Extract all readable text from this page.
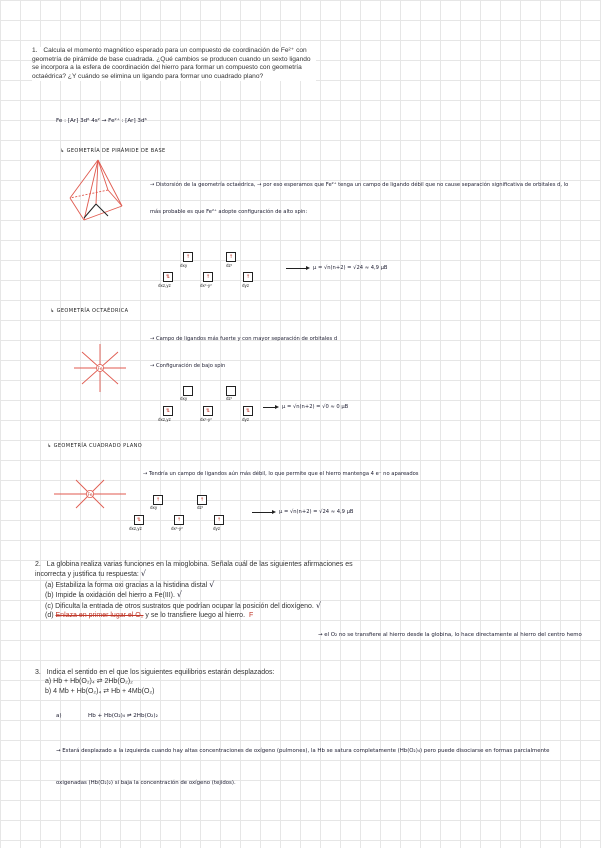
1. Calcula el momento magnético esperado para un compuesto de coordinación de Fe²⁺ con geometría de pirámide de base cuadrada. ¿Qué cambios se producen cuando un sexto ligando se incorpora a la esfera de coordinación del hierro para formar un compuesto con geometría octaédrica? ¿Y cuándo se elimina un ligando para formar uno cuadrado plano?
Fe : [Ar] 3d⁶ 4s² → Fe²⁺ : [Ar] 3d⁶
↳ GEOMETRÍA DE PIRÁMIDE DE BASE
→ Distorsión de la geometría octaédrica, → por eso esperamos que Fe²⁺ tenga un campo de ligando débil que no cause separación significativa de orbitales d, lo más probable es que Fe²⁺ adopte configuración de alto spin:
↑
dxy
↑
dz²
⇅
dxz,yz
↑
dx²-y²
↑
dyz
μ = √n(n+2) = √24 ≈ 4,9 μB
↳ GEOMETRÍA OCTAÉDRICA
Fe
→ Campo de ligandos más fuerte y con mayor separación de orbitales d
→ Configuración de bajo spin
dxy	dz²
⇅
dxz,yz
⇅
dx²-y²
⇅
dyz
μ = √n(n+2) = √0 ≈ 0 μB
↳ GEOMETRÍA CUADRADO PLANO
Fe
→ Tendría un campo de ligandos aún más débil, lo que permite que el hierro mantenga 4 e⁻ no apareados
↑
dxy
↑
dz²
⇅
dxz,yz
↑
dx²-y²
↑
dyz
μ = √n(n+2) = √24 ≈ 4,9 μB
2. La globina realiza varias funciones en la mioglobina. Señala cuál de las siguientes afirmaciones es incorrecta y justifica tu respuesta: √
(a) Estabiliza la forma oxi gracias a la histidina distal √
(b) Impide la oxidación del hierro a Fe(III). √
(c) Dificulta la entrada de otros sustratos que podrían ocupar la posición del dioxígeno. √
(d) Enlaza en primer lugar el O₂ y se lo transfiere luego al hierro. F
→ el O₂ no se transfiere al hierro desde la globina, lo hace directamente al hierro del centro hemo
3. Indica el sentido en el que los siguientes equilibrios estarán desplazados:
a) Hb + Hb(O₂)₄ ⇄ 2Hb(O₂)₂
b) 4 Mb + Hb(O₂)₄ ⇄ Hb + 4Mb(O₂)
a)	Hb + Hb(O₂)₄ ⇌ 2Hb(O₂)₂
→ Estará desplazado a la izquierda cuando hay altas concentraciones de oxígeno (pulmones), la Hb se satura completamente (Hb(O₂)₄) pero puede disociarse en formas parcialmente oxigenadas (Hb(O₂)₂) si baja la concentración de oxígeno (tejidos).
